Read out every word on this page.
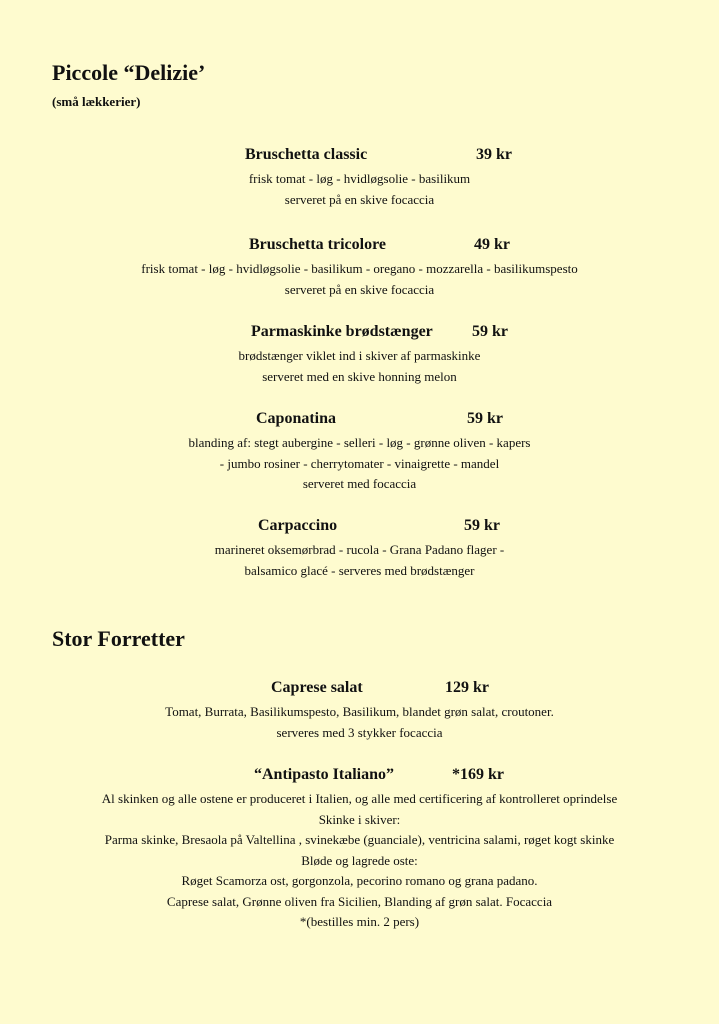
Piccole “Delizie’
(små lækkerier)
Bruschetta classic	39 kr
frisk tomat - løg - hvidløgsolie - basilikum
serveret på en skive focaccia
Bruschetta tricolore	49 kr
frisk tomat - løg - hvidløgsolie - basilikum - oregano - mozzarella - basilikumspesto
serveret på en skive focaccia
Parmaskinke brødstænger 59 kr
brødstænger viklet ind i skiver af parmaskinke
serveret med en skive honning melon
Caponatina	59 kr
blanding af: stegt aubergine - selleri - løg - grønne oliven - kapers
- jumbo rosiner - cherrytomater - vinaigrette - mandel
serveret med focaccia
Carpaccino	59 kr
marineret oksemørbrad - rucola - Grana Padano flager -
balsamico glacé - serveres med brødstænger
Stor Forretter
Caprese salat	129 kr
Tomat, Burrata, Basilikumspesto, Basilikum, blandet grøn salat, croutoner.
serveres med 3 stykker focaccia
“Antipasto Italiano”	*169 kr
Al skinken og alle ostene er produceret i Italien, og alle med certificering af kontrolleret oprindelse
Skinke i skiver:
Parma skinke, Bresaola på Valtellina , svinekæbe (guanciale), ventricina salami, røget kogt skinke
Bløde og lagrede oste:
Røget Scamorza ost, gorgonzola, pecorino romano og grana padano.
Caprese salat, Grønne oliven fra Sicilien, Blanding af grøn salat. Focaccia
*(bestilles min. 2 pers)
